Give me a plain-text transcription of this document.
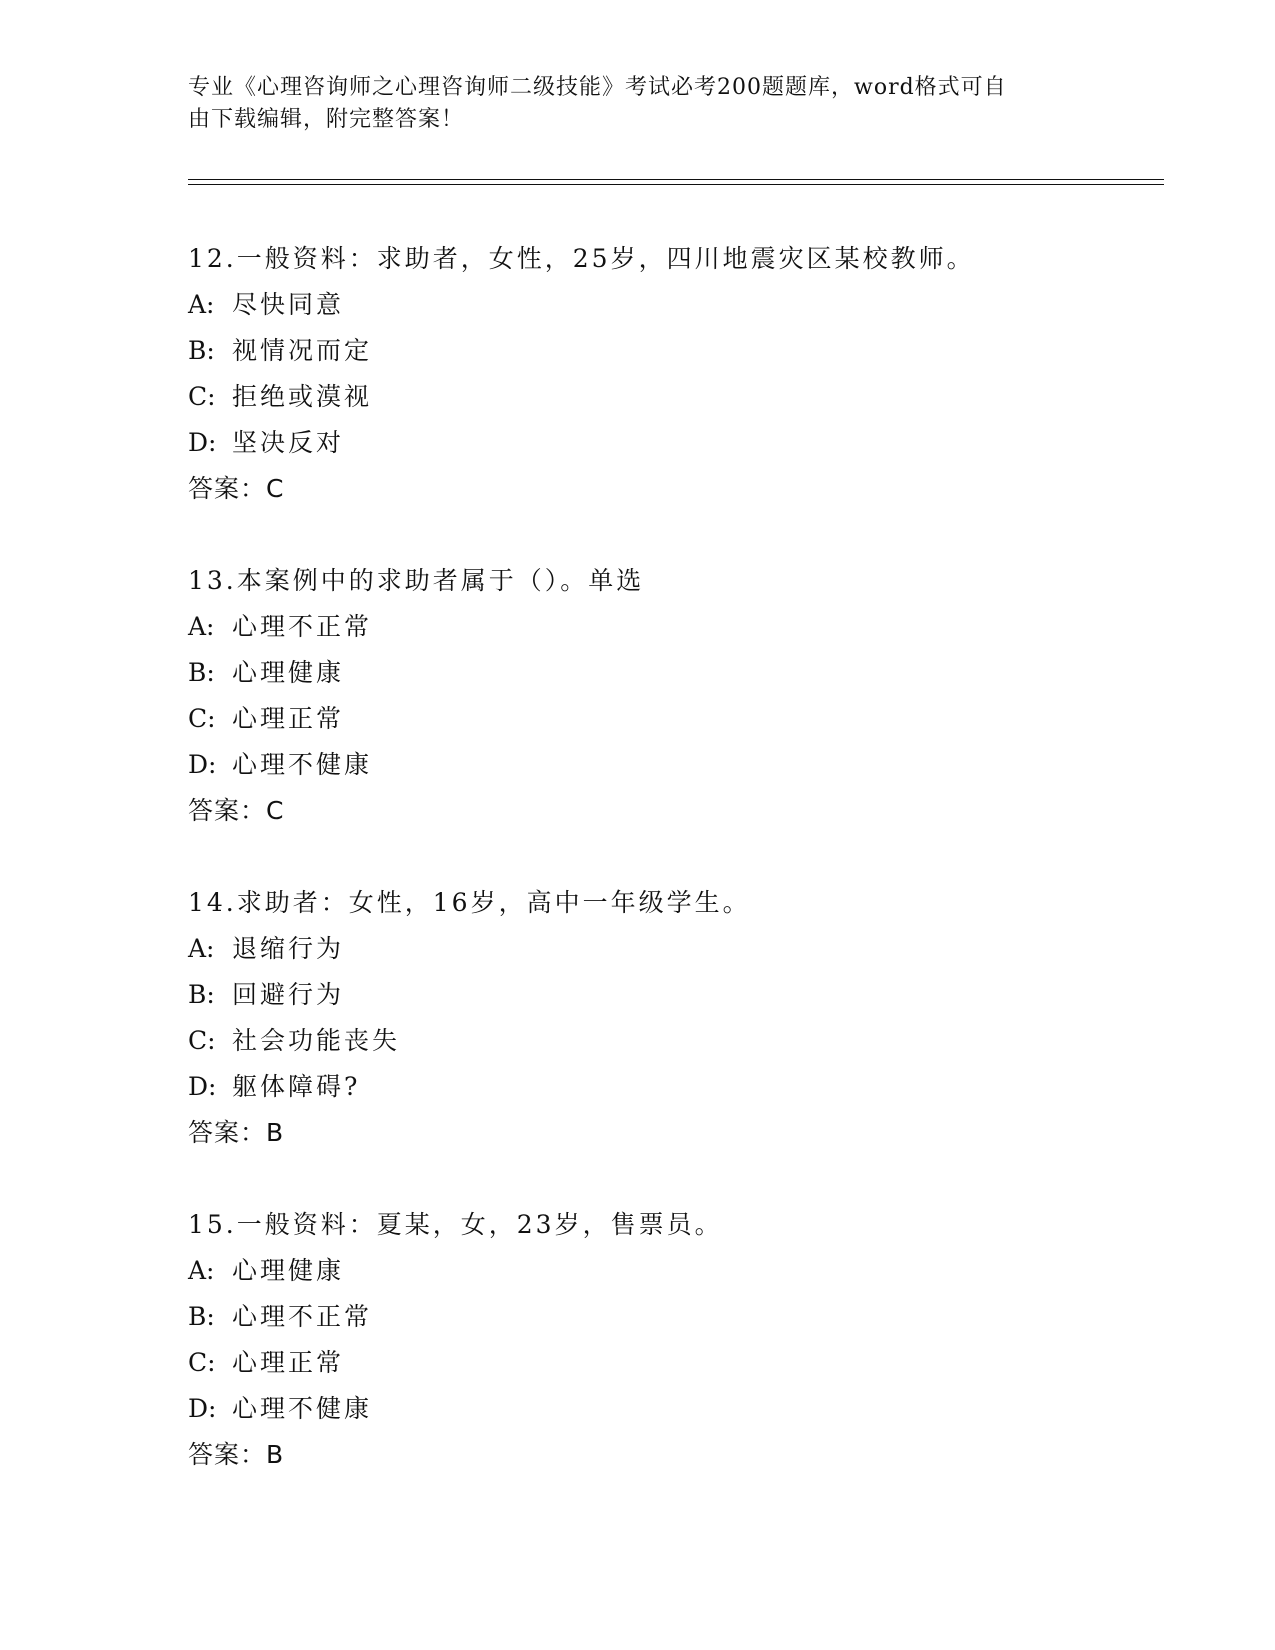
专业《心理咨询师之心理咨询师二级技能》考试必考200题题库，word格式可自
由下载编辑，附完整答案！
12.一般资料：求助者，女性，25岁，四川地震灾区某校教师。
A: 尽快同意
B: 视情况而定
C: 拒绝或漠视
D: 坚决反对
答案：C
13.本案例中的求助者属于（）。单选
A: 心理不正常
B: 心理健康
C: 心理正常
D: 心理不健康
答案：C
14.求助者：女性，16岁，高中一年级学生。
A: 退缩行为
B: 回避行为
C: 社会功能丧失
D: 躯体障碍?
答案：B
15.一般资料：夏某，女，23岁，售票员。
A: 心理健康
B: 心理不正常
C: 心理正常
D: 心理不健康
答案：B
